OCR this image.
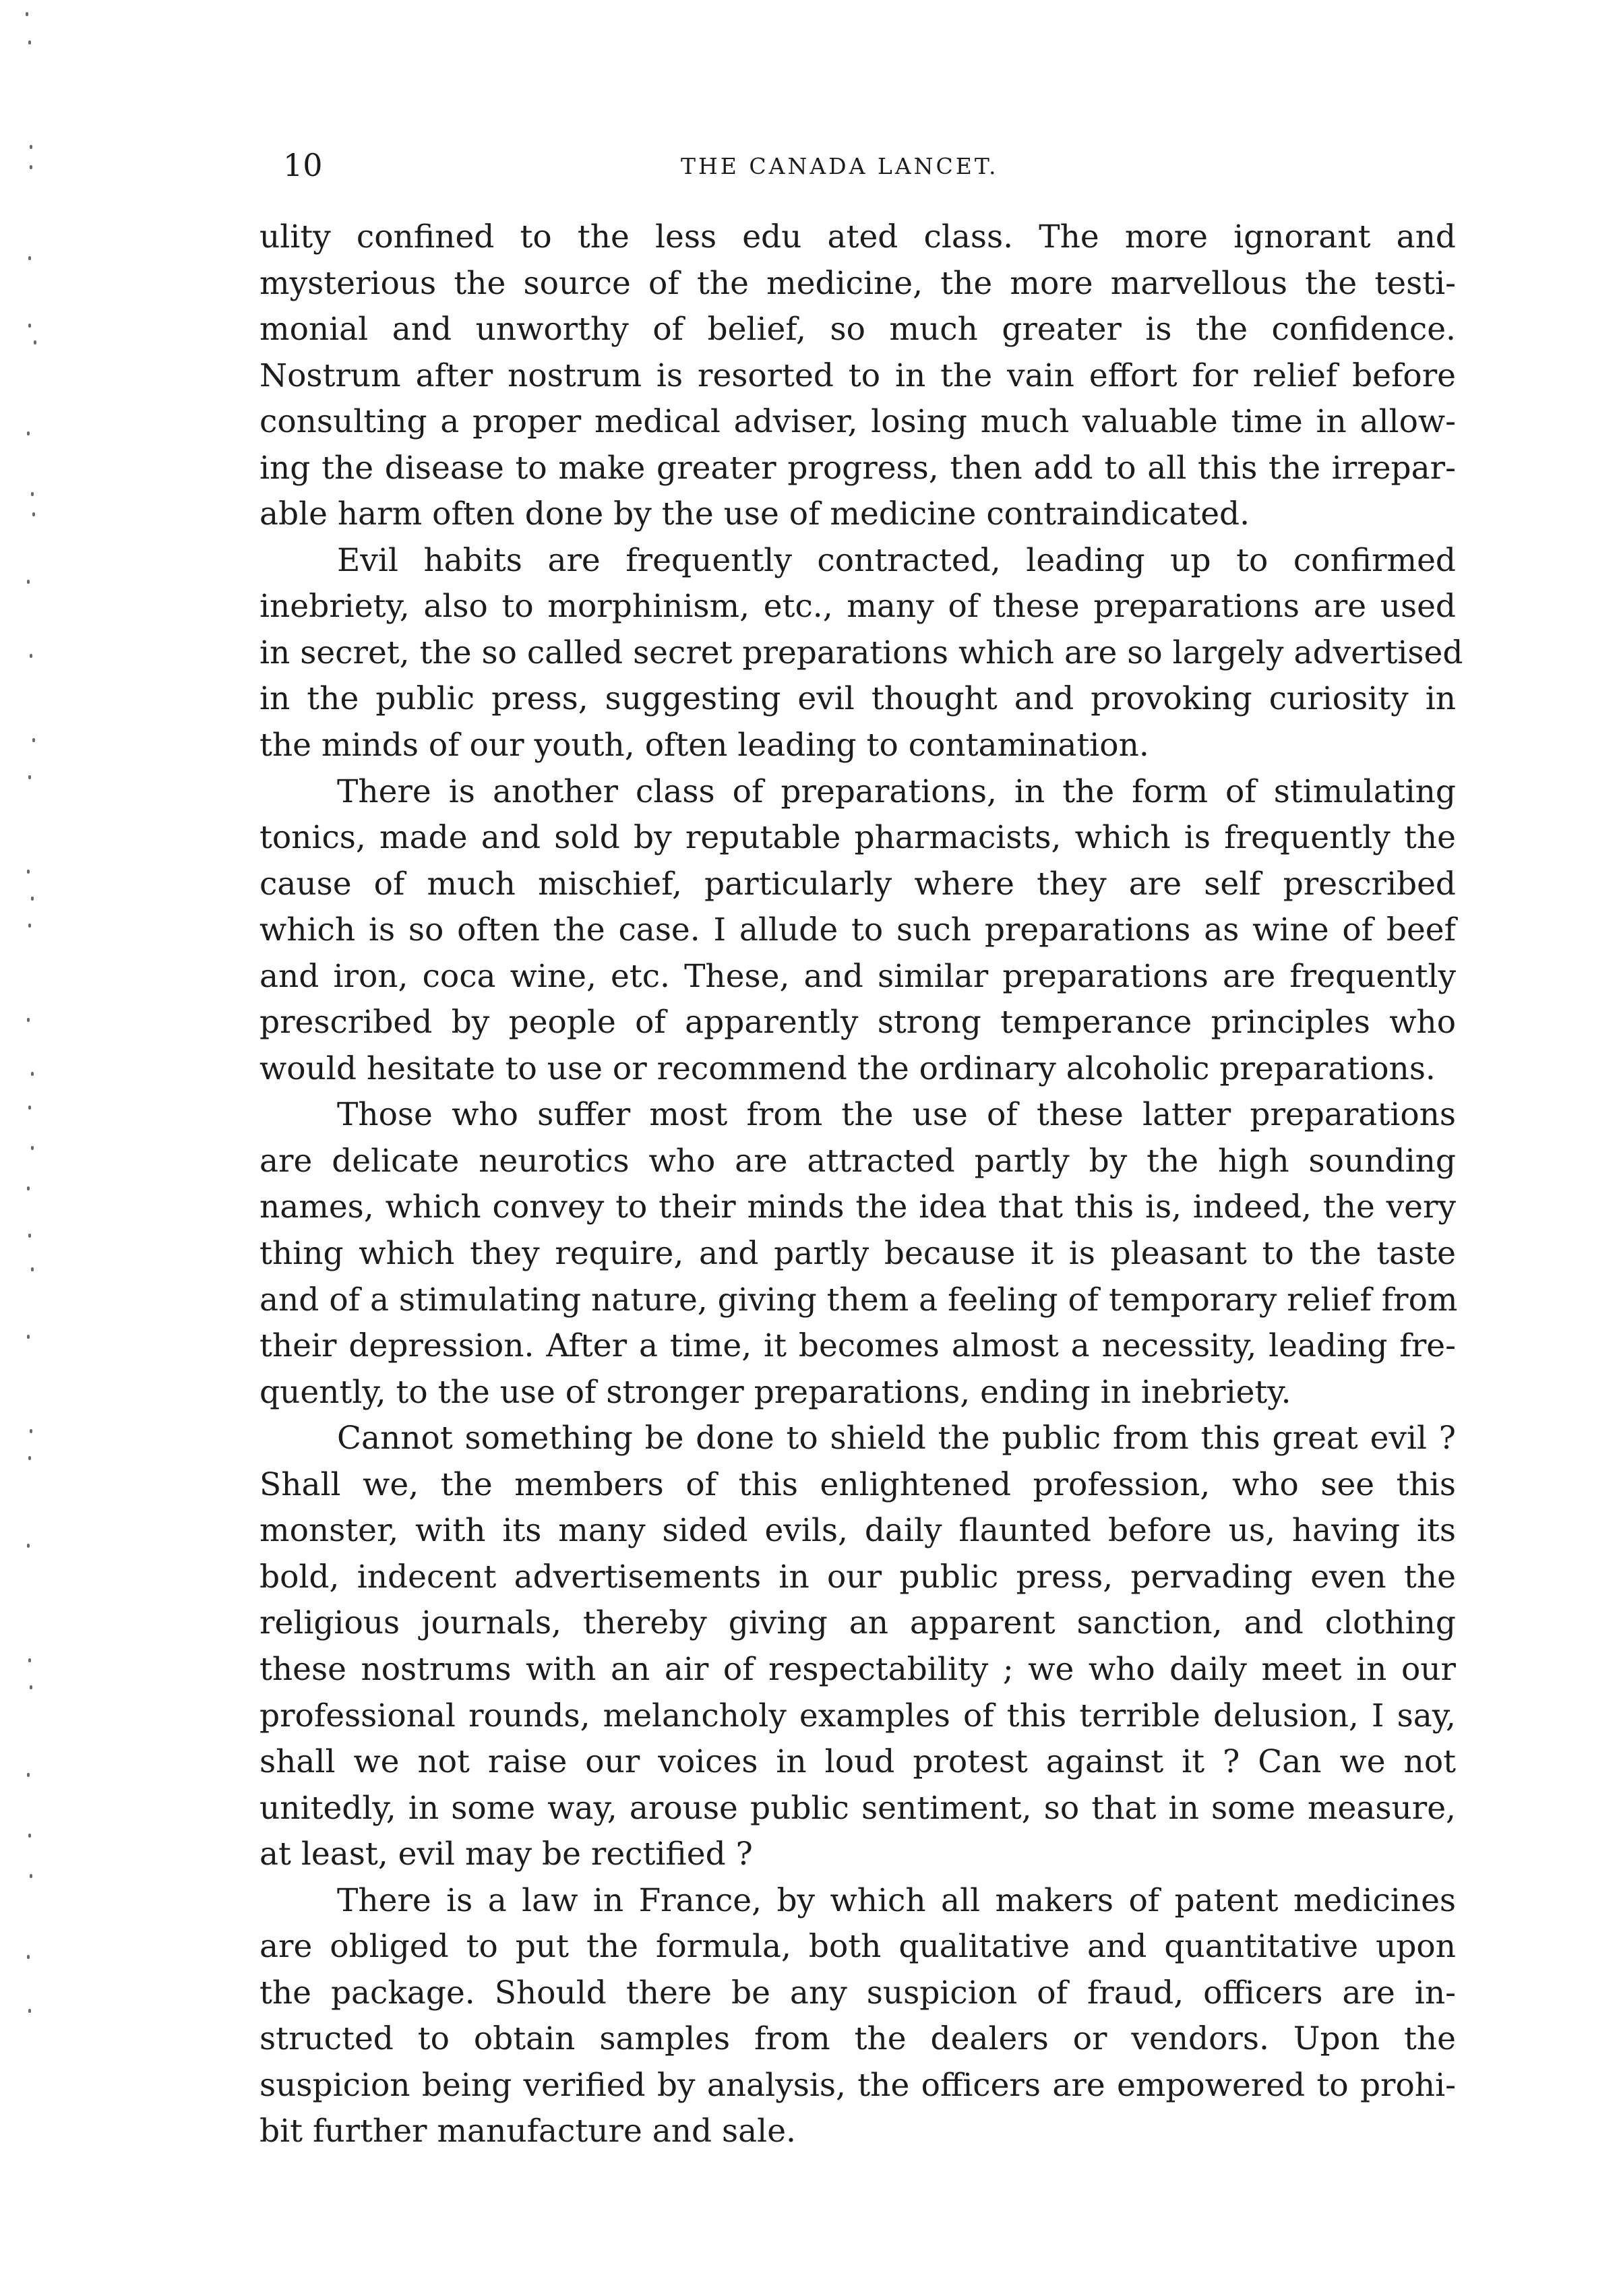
10	THE CANADA LANCET.
ulity confined to the less edu ated class. The more ignorant and
mysterious the source of the medicine, the more marvellous the testi-
monial and unworthy of belief, so much greater is the confidence.
Nostrum after nostrum is resorted to in the vain effort for relief before
consulting a proper medical adviser, losing much valuable time in allow-
ing the disease to make greater progress, then add to all this the irrepar-
able harm often done by the use of medicine contraindicated.
Evil habits are frequently contracted, leading up to confirmed
inebriety, also to morphinism, etc., many of these preparations are used
in secret, the so called secret preparations which are so largely advertised
in the public press, suggesting evil thought and provoking curiosity in
the minds of our youth, often leading to contamination.
There is another class of preparations, in the form of stimulating
tonics, made and sold by reputable pharmacists, which is frequently the
cause of much mischief, particularly where they are self prescribed
which is so often the case. I allude to such preparations as wine of beef
and iron, coca wine, etc. These, and similar preparations are frequently
prescribed by people of apparently strong temperance principles who
would hesitate to use or recommend the ordinary alcoholic preparations.
Those who suffer most from the use of these latter preparations
are delicate neurotics who are attracted partly by the high sounding
names, which convey to their minds the idea that this is, indeed, the very
thing which they require, and partly because it is pleasant to the taste
and of a stimulating nature, giving them a feeling of temporary relief from
their depression. After a time, it becomes almost a necessity, leading fre-
quently, to the use of stronger preparations, ending in inebriety.
Cannot something be done to shield the public from this great evil ?
Shall we, the members of this enlightened profession, who see this
monster, with its many sided evils, daily flaunted before us, having its
bold, indecent advertisements in our public press, pervading even the
religious journals, thereby giving an apparent sanction, and clothing
these nostrums with an air of respectability ; we who daily meet in our
professional rounds, melancholy examples of this terrible delusion, I say,
shall we not raise our voices in loud protest against it ? Can we not
unitedly, in some way, arouse public sentiment, so that in some measure,
at least, evil may be rectified ?
There is a law in France, by which all makers of patent medicines
are obliged to put the formula, both qualitative and quantitative upon
the package. Should there be any suspicion of fraud, officers are in-
structed to obtain samples from the dealers or vendors. Upon the
suspicion being verified by analysis, the officers are empowered to prohi-
bit further manufacture and sale.
